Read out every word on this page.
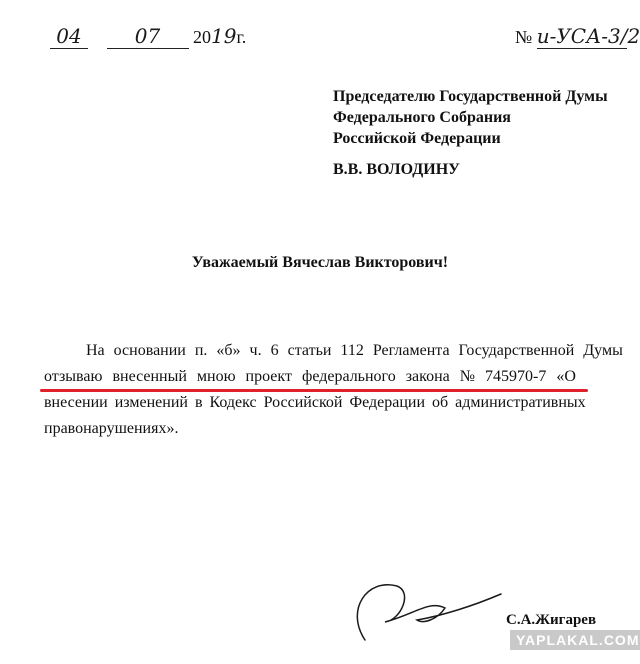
04	07 2019г.	№ u-УСА-3/2
Председателю Государственной Думы
Федерального Собрания
Российской Федерации
В.В. ВОЛОДИНУ
Уважаемый Вячеслав Викторович!
На основании п. «б» ч. 6 статьи 112 Регламента Государственной Думы
отзываю внесенный мною проект федерального закона № 745970-7 «О
внесении изменений в Кодекс Российской Федерации об административных
правонарушениях».
С.А.Жигарев
YAPLAKAL.COM
